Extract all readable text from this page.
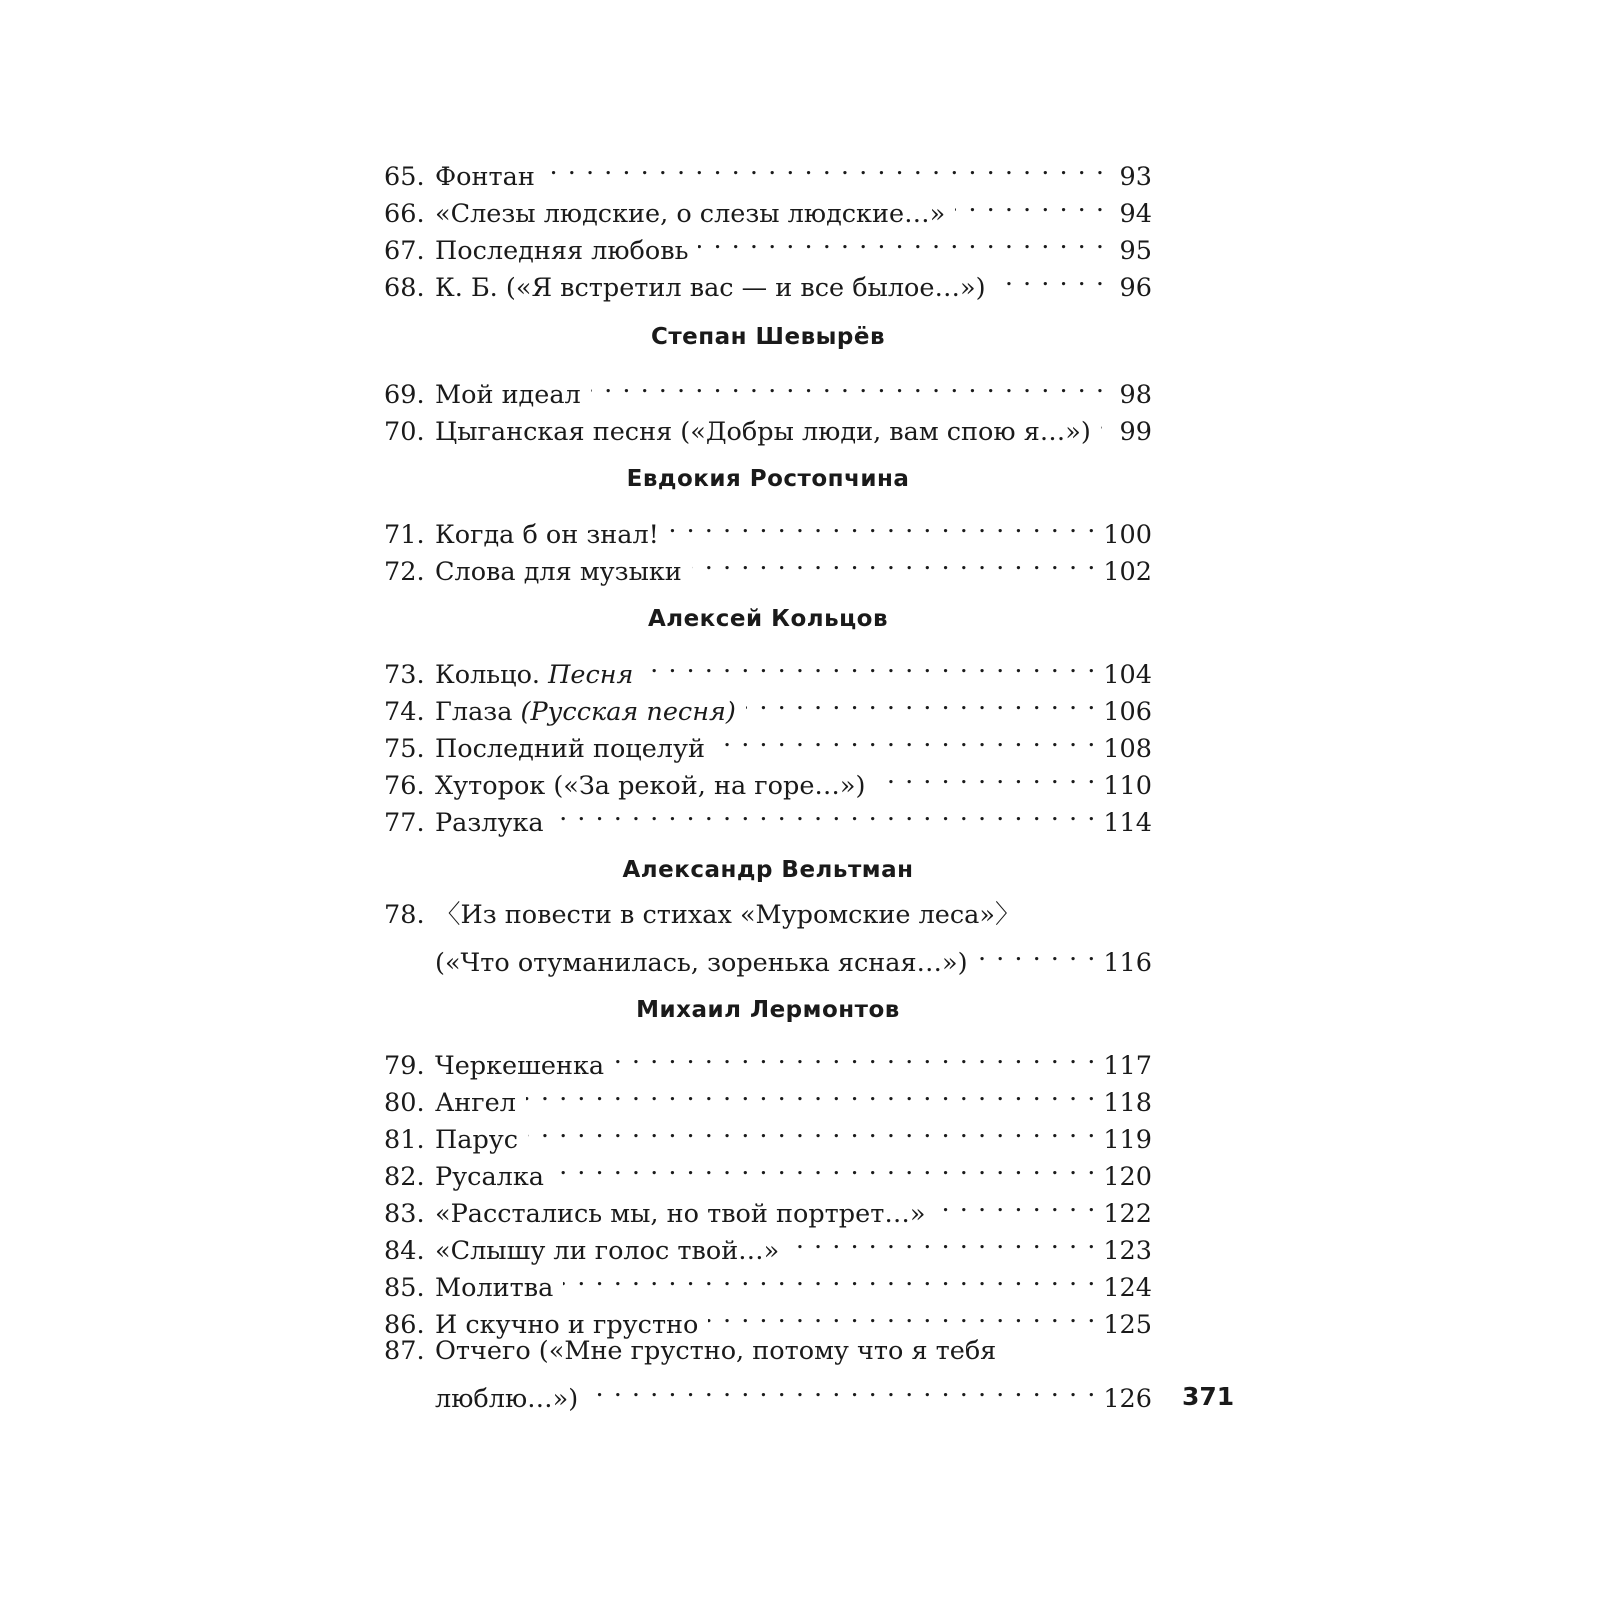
65. Фонтан . . .	93
66. «Слезы людские, о слезы людские…» . . .	94
67. Последняя любовь . . .	95
68. К. Б. («Я встретил вас — и все былое…») . . .	96
Степан Шевырёв
69. Мой идеал . . .	98
70. Цыганская песня («Добры люди, вам спою я…») . . . 99
Евдокия Ростопчина
71. Когда б он знал! . . .	100
72. Слова для музыки . . .	102
Алексей Кольцов
73. Кольцо. Песня . . .	104
74. Глаза (Русская песня) . . .	106
75. Последний поцелуй . . .	108
76. Хуторок («За рекой, на горе…») . . .	110
77. Разлука . . .	114
Александр Вельтман
78. 〈Из повести в стихах «Муромские леса»〉
(«Что отуманилась, зоренька ясная…») . . .	116
Михаил Лермонтов
79. Черкешенка . . .	117
80. Ангел . . .	118
81. Парус . . .	119
82. Русалка . . .	120
83. «Расстались мы, но твой портрет…» . . .	122
84. «Слышу ли голос твой…» . . .	123
85. Молитва . . .	124
86. И скучно и грустно . . .	125
87. Отчего («Мне грустно, потому что я тебя
люблю…») . . .	126 371
